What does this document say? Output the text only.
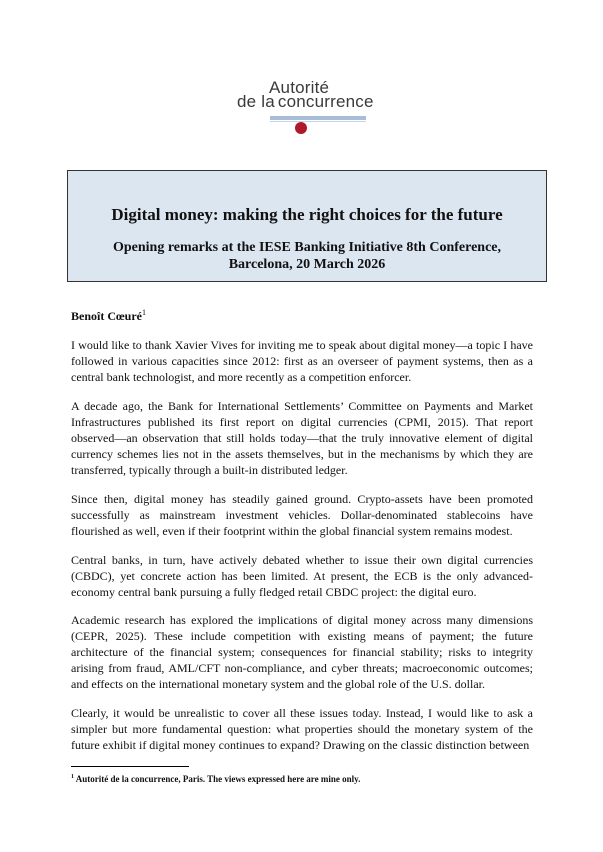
Autorité
de la concurrence
Digital money: making the right choices for the future
Opening remarks at the IESE Banking Initiative 8th Conference,
Barcelona, 20 March 2026
Benoît Cœuré$^1$

I would like to thank Xavier Vives for inviting me to speak about digital money—a topic I have followed in various capacities since 2012: first as an overseer of payment systems, then as a central bank technologist, and more recently as a competition enforcer.

A decade ago, the Bank for International Settlements’ Committee on Payments and Market Infrastructures published its first report on digital currencies (CPMI, 2015). That report observed—an observation that still holds today—that the truly innovative element of digital currency schemes lies not in the assets themselves, but in the mechanisms by which they are transferred, typically through a built-in distributed ledger.

Since then, digital money has steadily gained ground. Crypto-assets have been promoted successfully as mainstream investment vehicles. Dollar-denominated stablecoins have flourished as well, even if their footprint within the global financial system remains modest.

Central banks, in turn, have actively debated whether to issue their own digital currencies (CBDC), yet concrete action has been limited. At present, the ECB is the only advanced-economy central bank pursuing a fully fledged retail CBDC project: the digital euro.

Academic research has explored the implications of digital money across many dimensions (CEPR, 2025). These include competition with existing means of payment; the future architecture of the financial system; consequences for financial stability; risks to integrity arising from fraud, AML/CFT non-compliance, and cyber threats; macroeconomic outcomes; and effects on the international monetary system and the global role of the U.S. dollar.

Clearly, it would be unrealistic to cover all these issues today. Instead, I would like to ask a simpler but more fundamental question: what properties should the monetary system of the future exhibit if digital money continues to expand? Drawing on the classic distinction between

$^1$ Autorité de la concurrence, Paris. The views expressed here are mine only.
